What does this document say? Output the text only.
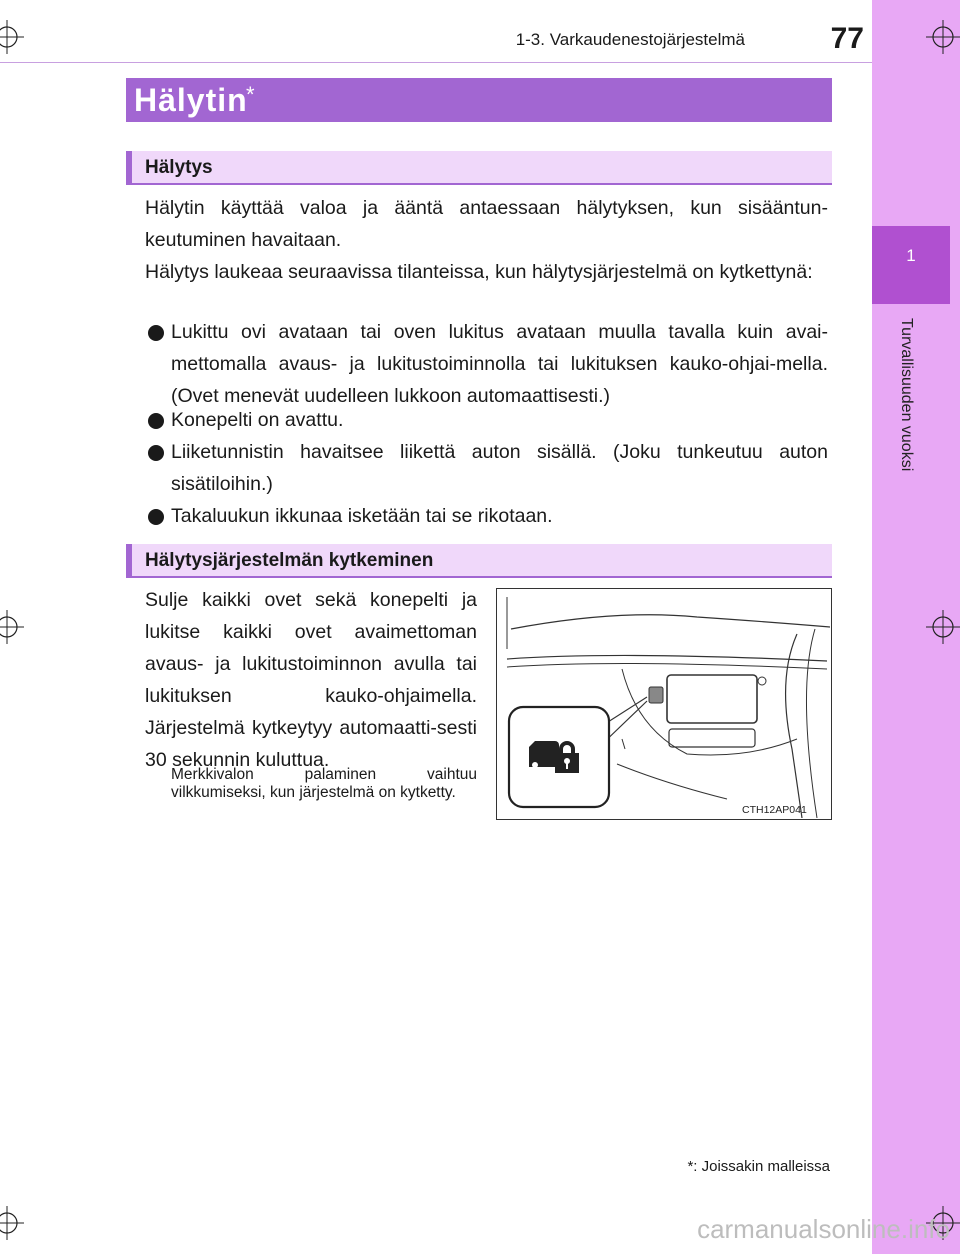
1
Turvallisuuden vuoksi
1-3. Varkaudenestojärjestelmä	77
Hälytin
*
Hälytys
Hälytin käyttää valoa ja ääntä antaessaan hälytyksen, kun sisääntun-keutuminen havaitaan.
Hälytys laukeaa seuraavissa tilanteissa, kun hälytysjärjestelmä on kytkettynä:
Lukittu ovi avataan tai oven lukitus avataan muulla tavalla kuin avai-mettomalla avaus- ja lukitustoiminnolla tai lukituksen kauko-ohjai-mella. (Ovet menevät uudelleen lukkoon automaattisesti.)
Konepelti on avattu.
Liiketunnistin havaitsee liikettä auton sisällä. (Joku tunkeutuu auton sisätiloihin.)
Takaluukun ikkunaa isketään tai se rikotaan.
Hälytysjärjestelmän kytkeminen
Sulje kaikki ovet sekä konepelti ja lukitse kaikki ovet avaimettoman avaus- ja lukitustoiminnon avulla tai lukituksen kauko-ohjaimella. Järjestelmä kytkeytyy automaatti-sesti 30 sekunnin kuluttua.
Merkkivalon palaminen vaihtuu vilkkumiseksi, kun järjestelmä on kytketty.
CTH12AP041
*: Joissakin malleissa
carmanualsonline.info
